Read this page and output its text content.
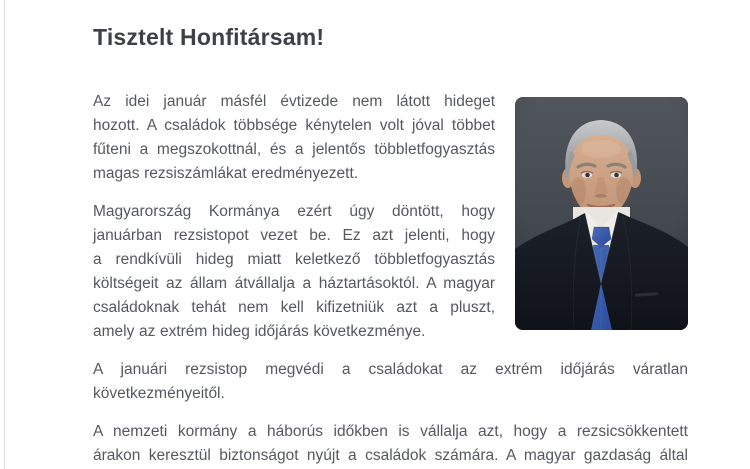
Tisztelt Honfitársam!
Az idei január másfél évtizede nem látott hideget
hozott. A családok többsége kénytelen volt jóval többet
fűteni a megszokottnál, és a jelentős többletfogyasztás
magas rezsiszámlákat eredményezett.
Magyarország Kormánya ezért úgy döntött, hogy
januárban rezsistopot vezet be. Ez azt jelenti, hogy
a rendkívüli hideg miatt keletkező többletfogyasztás
költségeit az állam átvállalja a háztartásoktól. A magyar
családoknak tehát nem kell kifizetniük azt a pluszt,
amely az extrém hideg időjárás következménye.
A januári rezsistop megvédi a családokat az extrém időjárás váratlan
következményeitől.
A nemzeti kormány a háborús időkben is vállalja azt, hogy a rezsicsökkentett
árakon keresztül biztonságot nyújt a családok számára. A magyar gazdaság által
